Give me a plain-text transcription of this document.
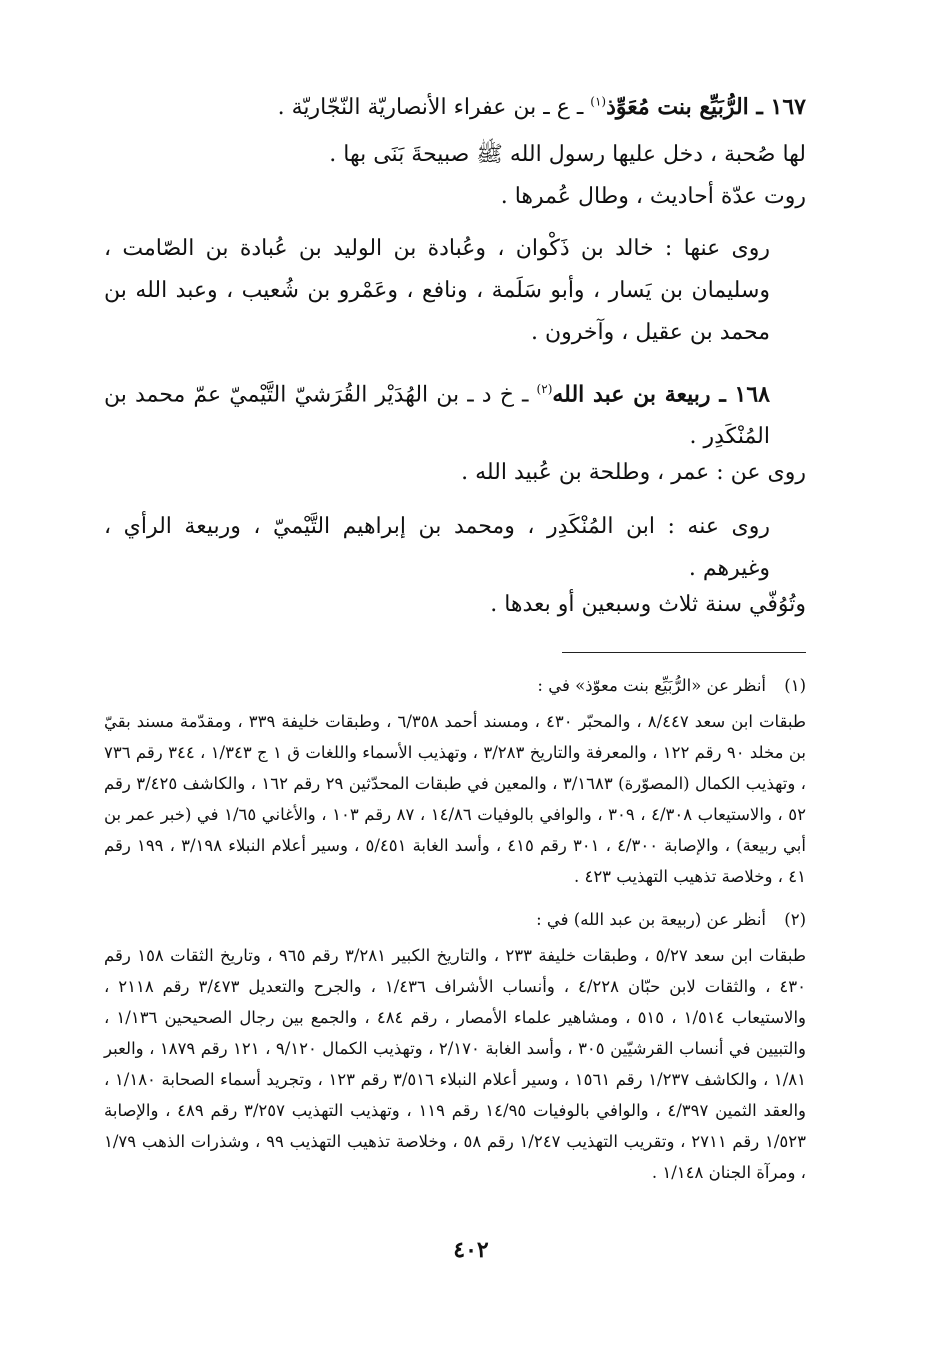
١٦٧ ـ الرُّبَيِّع بنت مُعَوِّذ$^{(١)}$ ـ ع ـ بن عفراء الأنصاريّة النّجّاريّة .
لها صُحبة ، دخل عليها رسول الله ﷺ صبيحةَ بَنَى بها .
روت عدّة أحاديث ، وطال عُمرها .
روى عنها : خالد بن ذَكْوان ، وعُبادة بن الوليد بن عُبادة بن الصّامت ، وسليمان بن يَسار ، وأبو سَلَمة ، ونافع ، وعَمْرو بن شُعيب ، وعبد الله بن محمد بن عقيل ، وآخرون .
١٦٨ ـ ربيعة بن عبد الله$^{(٢)}$ ـ خ د ـ بن الهُدَيْر القُرَشيّ التَّيْميّ عمّ محمد بن المُنْكَدِر .
روى عن : عمر ، وطلحة بن عُبيد الله .
روى عنه : ابن المُنْكَدِر ، ومحمد بن إبراهيم التَّيْميّ ، وربيعة الرأي ، وغيرهم .
وتُوُفّي سنة ثلاث وسبعين أو بعدها .
(١)
أنظر عن «الرُّبَيِّع بنت معوّذ» في :
طبقات ابن سعد ٨/٤٤٧ ، والمحبّر ٤٣٠ ، ومسند أحمد ٦/٣٥٨ ، وطبقات خليفة ٣٣٩ ، ومقدّمة مسند بقيّ بن مخلد ٩٠ رقم ١٢٢ ، والمعرفة والتاريخ ٣/٢٨٣ ، وتهذيب الأسماء واللغات ق ١ ج ١/٣٤٣ ، ٣٤٤ رقم ٧٣٦ ، وتهذيب الكمال (المصوّرة) ٣/١٦٨٣ ، والمعين في طبقات المحدّثين ٢٩ رقم ١٦٢ ، والكاشف ٣/٤٢٥ رقم ٥٢ ، والاستيعاب ٤/٣٠٨ ، ٣٠٩ ، والوافي بالوفيات ١٤/٨٦ ، ٨٧ رقم ١٠٣ ، والأغاني ١/٦٥ في (خبر عمر بن أبي ربيعة) ، والإصابة ٤/٣٠٠ ، ٣٠١ رقم ٤١٥ ، وأسد الغابة ٥/٤٥١ ، وسير أعلام النبلاء ٣/١٩٨ ، ١٩٩ رقم ٤١ ، وخلاصة تذهيب التهذيب ٤٢٣ .
(٢)
أنظر عن (ربيعة بن عبد الله) في :
طبقات ابن سعد ٥/٢٧ ، وطبقات خليفة ٢٣٣ ، والتاريخ الكبير ٣/٢٨١ رقم ٩٦٥ ، وتاريخ الثقات ١٥٨ رقم ٤٣٠ ، والثقات لابن حبّان ٤/٢٢٨ ، وأنساب الأشراف ١/٤٣٦ ، والجرح والتعديل ٣/٤٧٣ رقم ٢١١٨ ، والاستيعاب ١/٥١٤ ، ٥١٥ ، ومشاهير علماء الأمصار ، رقم ٤٨٤ ، والجمع بين رجال الصحيحين ١/١٣٦ ، والتبيين في أنساب القرشيّين ٣٠٥ ، وأسد الغابة ٢/١٧٠ ، وتهذيب الكمال ٩/١٢٠ ، ١٢١ رقم ١٨٧٩ ، والعبر ١/٨١ ، والكاشف ١/٢٣٧ رقم ١٥٦١ ، وسير أعلام النبلاء ٣/٥١٦ رقم ١٢٣ ، وتجريد أسماء الصحابة ١/١٨٠ ، والعقد الثمين ٤/٣٩٧ ، والوافي بالوفيات ١٤/٩٥ رقم ١١٩ ، وتهذيب التهذيب ٣/٢٥٧ رقم ٤٨٩ ، والإصابة ١/٥٢٣ رقم ٢٧١١ ، وتقريب التهذيب ١/٢٤٧ رقم ٥٨ ، وخلاصة تذهيب التهذيب ٩٩ ، وشذرات الذهب ١/٧٩ ، ومرآة الجنان ١/١٤٨ .
٤٠٢
